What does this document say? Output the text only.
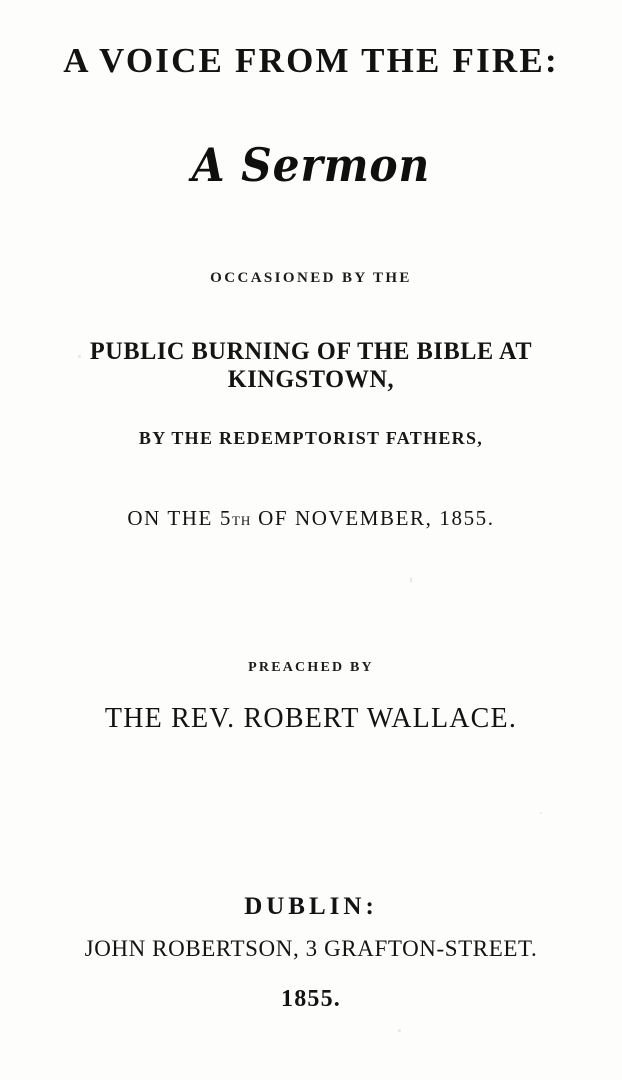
A VOICE FROM THE FIRE:
A Sermon
OCCASIONED BY THE
PUBLIC BURNING OF THE BIBLE AT KINGSTOWN,
BY THE REDEMPTORIST FATHERS,
ON THE 5TH OF NOVEMBER, 1855.
PREACHED BY
THE REV. ROBERT WALLACE.
DUBLIN:
JOHN ROBERTSON, 3 GRAFTON-STREET.
1855.
